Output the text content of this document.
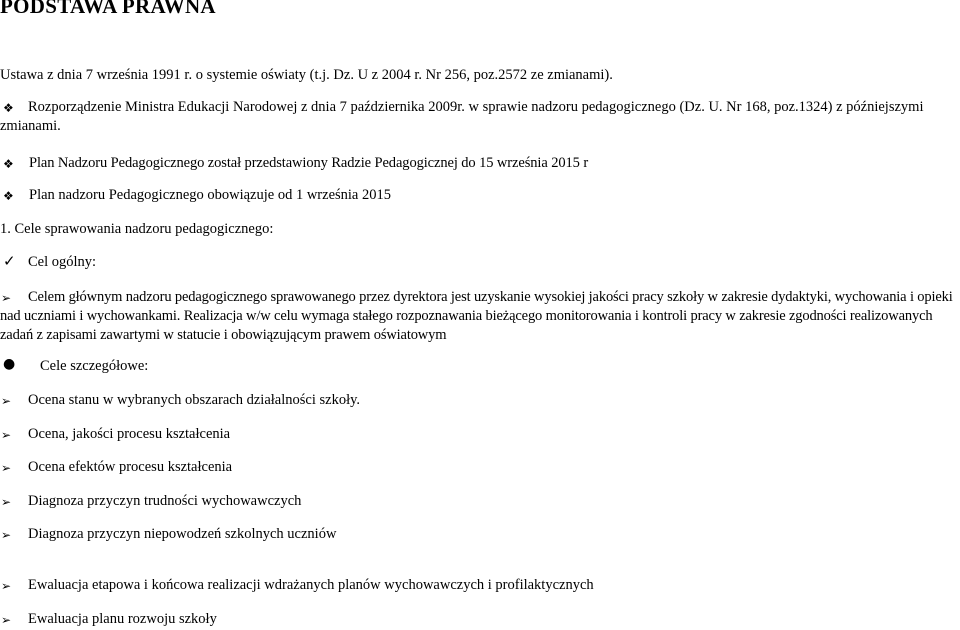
PODSTAWA PRAWNA
Ustawa z dnia 7 września 1991 r. o systemie oświaty (t.j. Dz. U z 2004 r. Nr 256, poz.2572 ze zmianami).
❖ Rozporządzenie Ministra Edukacji Narodowej z dnia 7 października 2009r. w sprawie nadzoru pedagogicznego (Dz. U. Nr 168, poz.1324) z późniejszymi zmianami.
❖ Plan Nadzoru Pedagogicznego został przedstawiony Radzie Pedagogicznej do 15 września 2015 r
❖ Plan nadzoru Pedagogicznego obowiązuje od 1 września 2015
1. Cele sprawowania nadzoru pedagogicznego:
✓ Cel ogólny:
➢	Celem głównym nadzoru pedagogicznego sprawowanego przez dyrektora jest uzyskanie wysokiej jakości pracy szkoły w zakresie dydaktyki, wychowania i opieki nad uczniami i wychowankami. Realizacja w/w celu wymaga stałego rozpoznawania bieżącego monitorowania i kontroli pracy w zakresie zgodności realizowanych zadań z zapisami zawartymi w statucie i obowiązującym prawem oświatowym
● Cele szczegółowe:
➢ Ocena stanu w wybranych obszarach działalności szkoły.
➢ Ocena, jakości procesu kształcenia
➢ Ocena efektów procesu kształcenia
➢ Diagnoza przyczyn trudności wychowawczych
➢ Diagnoza przyczyn niepowodzeń szkolnych uczniów
➢ Ewaluacja etapowa i końcowa realizacji wdrażanych planów wychowawczych i profilaktycznych
➢ Ewaluacja planu rozwoju szkoły
